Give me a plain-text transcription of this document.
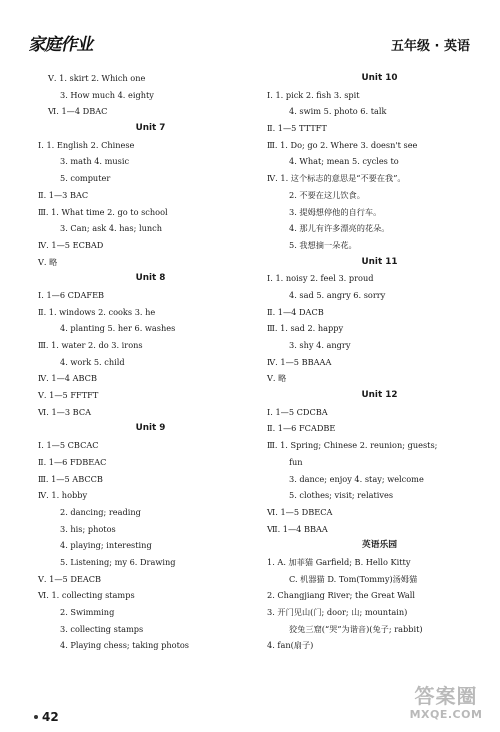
家庭作业	五年级 · 英语
Ⅴ. 1. skirt 2. Which one
3. How much 4. eighty
Ⅵ. 1—4 DBAC
Unit 7
Ⅰ. 1. English 2. Chinese
3. math 4. music
5. computer
Ⅱ. 1—3 BAC
Ⅲ. 1. What time 2. go to school
3. Can; ask 4. has; lunch
Ⅳ. 1—5 ECBAD
Ⅴ. 略
Unit 8
Ⅰ. 1—6 CDAFEB
Ⅱ. 1. windows 2. cooks 3. he
4. planting 5. her 6. washes
Ⅲ. 1. water 2. do 3. irons
4. work 5. child
Ⅳ. 1—4 ABCB
Ⅴ. 1—5 FFTFT
Ⅵ. 1—3 BCA
Unit 9
Ⅰ. 1—5 CBCAC
Ⅱ. 1—6 FDBEAC
Ⅲ. 1—5 ABCCB
Ⅳ. 1. hobby
2. dancing; reading
3. his; photos
4. playing; interesting
5. Listening; my 6. Drawing
Ⅴ. 1—5 DEACB
Ⅵ. 1. collecting stamps
2. Swimming
3. collecting stamps
4. Playing chess; taking photos
Unit 10
Ⅰ. 1. pick 2. fish 3. spit
4. swim 5. photo 6. talk
Ⅱ. 1—5 TTTFT
Ⅲ. 1. Do; go 2. Where 3. doesn't see
4. What; mean 5. cycles to
Ⅳ. 1. 这个标志的意思是“不要在我”。
2. 不要在这儿饮食。
3. 提姆想停他的自行车。
4. 那儿有许多漂亮的花朵。
5. 我想摘一朵花。
Unit 11
Ⅰ. 1. noisy 2. feel 3. proud
4. sad 5. angry 6. sorry
Ⅱ. 1—4 DACB
Ⅲ. 1. sad 2. happy
3. shy 4. angry
Ⅳ. 1—5 BBAAA
Ⅴ. 略
Unit 12
Ⅰ. 1—5 CDCBA
Ⅱ. 1—6 FCADBE
Ⅲ. 1. Spring; Chinese 2. reunion; guests;
fun
3. dance; enjoy 4. stay; welcome
5. clothes; visit; relatives
Ⅵ. 1—5 DBECA
Ⅶ. 1—4 BBAA
英语乐园
1. A. 加菲猫 Garfield; B. Hello Kitty
C. 机器猫 D. Tom(Tommy)汤姆猫
2. Changjiang River; the Great Wall
3. 开门见山(门; door; 山; mountain)
狡兔三窟(“哭”为谐音)(兔子; rabbit)
4. fan(扇子)
42
答案圈
MXQE.COM
